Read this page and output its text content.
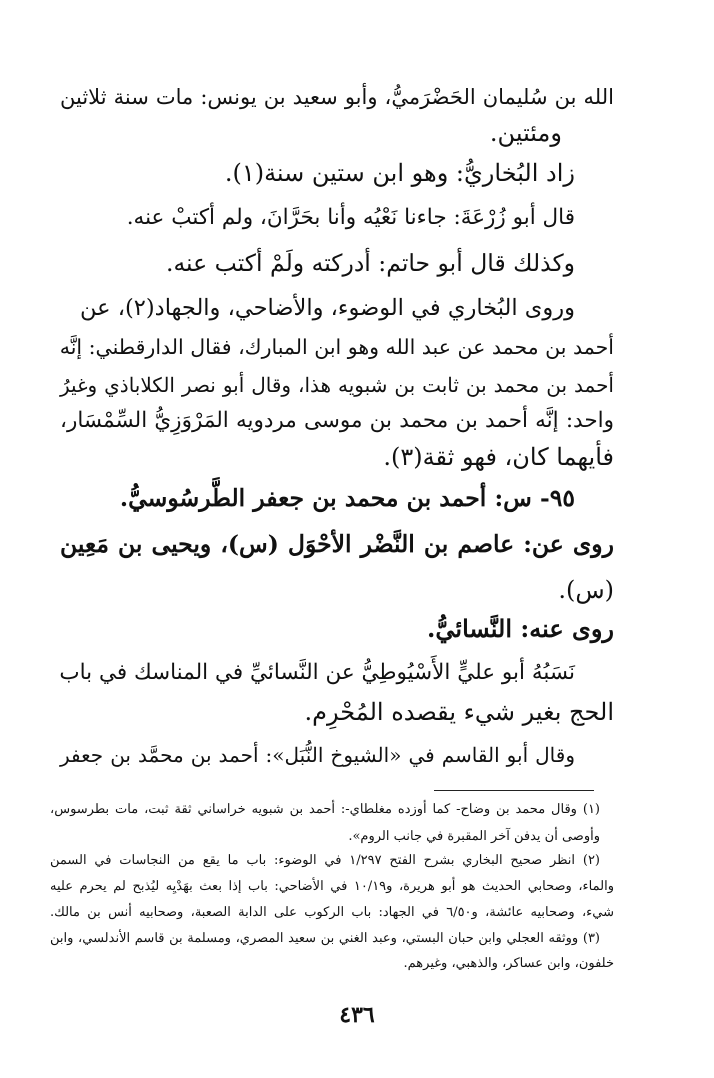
الله بن سُليمان الحَضْرَميُّ، وأبو سعيد بن يونس: مات سنة ثلاثين
ومئتين.
زاد البُخاريُّ: وهو ابن ستين سنة(١).
قال أبو زُرْعَةَ: جاءنا نَعْيُه وأنا بحَرَّانَ، ولم أكتبْ عنه.
وكذلك قال أبو حاتم: أدركته ولَمْ أكتب عنه.
وروى البُخاري في الوضوء، والأضاحي، والجهاد(٢)، عن
أحمد بن محمد عن عبد الله وهو ابن المبارك، فقال الدارقطني: إنَّه
أحمد بن محمد بن ثابت بن شبويه هذا، وقال أبو نصر الكلاباذي وغيرُ
واحد: إنَّه أحمد بن محمد بن موسى مردويه المَرْوَزِيُّ السِّمْسَار،
فأيهما كان، فهو ثقة(٣).
٩٥- س: أحمد بن محمد بن جعفر الطَّرسُوسيُّ.
روى عن: عاصم بن النَّضْر الأحْوَل (س)، ويحيى بن مَعِين
(س).
روى عنه: النَّسائيُّ.
نَسَبُهُ أبو عليٍّ الأَسْيُوطِيُّ عن النَّسائيِّ في المناسك في باب
الحج بغير شيء يقصده المُحْرِم.
وقال أبو القاسم في «الشيوخ النُّبَل»: أحمد بن محمَّد بن جعفر
(١) وقال محمد بن وضاح- كما أوزده مغلطاي-: أحمد بن شبويه خراساني ثقة ثبت، مات بطرسوس،
وأوصى أن يدفن آخر المقبرة في جانب الروم».
(٢) انظر صحيح البخاري بشرح الفتح ١/٢٩٧ في الوضوء: باب ما يقع من النجاسات في السمن
والماء، وصحابي الحديث هو أبو هريرة، و١٠/١٩ في الأضاحي: باب إذا بعث بهَدْيِه ليُذبح لم يحرم عليه
شيء، وصحابيه عائشة، و٦/٥٠ في الجهاد: باب الركوب على الدابة الصعبة، وصحابيه أنس بن مالك.
(٣) ووثقه العجلي وابن حبان البستي، وعبد الغني بن سعيد المصري، ومسلمة بن قاسم الأندلسي، وابن
خلفون، وابن عساكر، والذهبي، وغيرهم.
٤٣٦
